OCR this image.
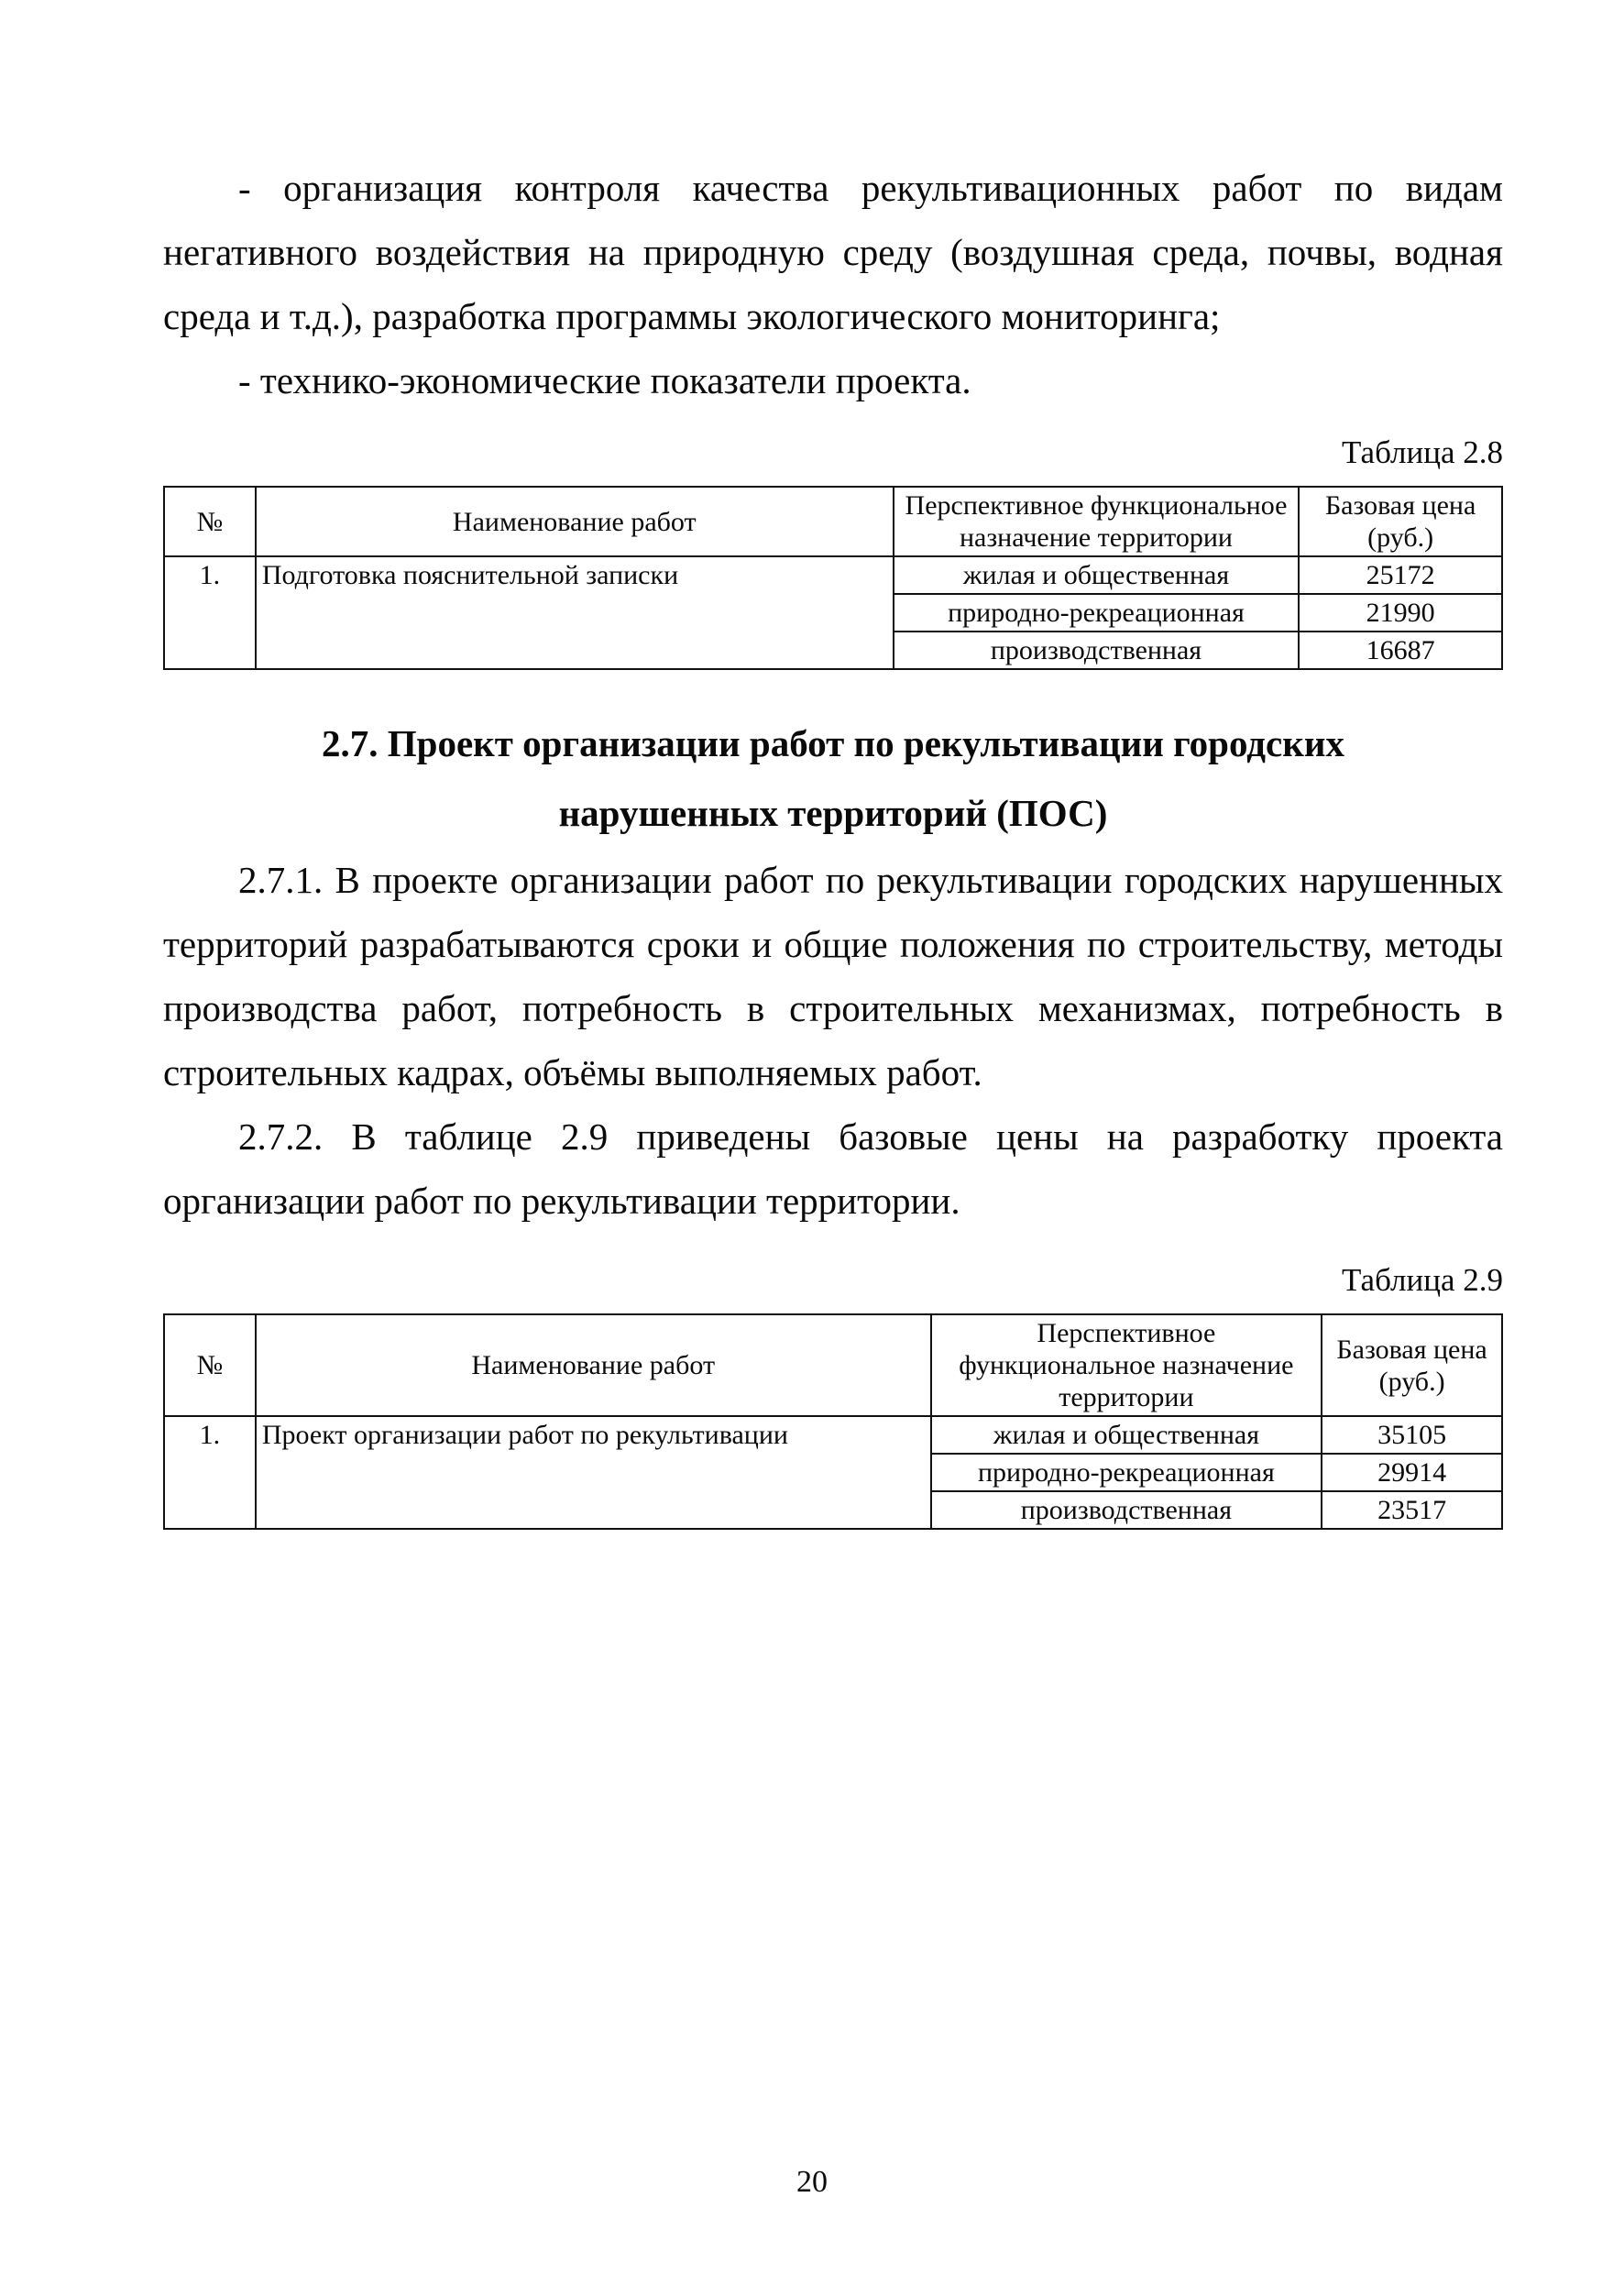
- организация контроля качества рекультивационных работ по видам негативного воздействия на природную среду (воздушная среда, почвы, водная среда и т.д.), разработка программы экологического мониторинга;

- технико-экономические показатели проекта.

Таблица 2.8

№	Наименование работ	Перспективное функциональное назначение территории	Базовая цена (руб.)
1.	Подготовка пояснительной записки	жилая и общественная	25172
		природно-рекреационная	21990
		производственная	16687

2.7. Проект организации работ по рекультивации городских

нарушенных территорий (ПОС)

2.7.1. В проекте организации работ по рекультивации городских нарушенных территорий разрабатываются сроки и общие положения по строительству, методы производства работ, потребность в строительных механизмах, потребность в строительных кадрах, объёмы выполняемых работ.

2.7.2. В таблице 2.9 приведены базовые цены на разработку проекта организации работ по рекультивации территории.

Таблица 2.9

№	Наименование работ	Перспективное функциональное назначение территории	Базовая цена (руб.)
1.	Проект организации работ по рекультивации	жилая и общественная	35105
		природно-рекреационная	29914
		производственная	23517
20
